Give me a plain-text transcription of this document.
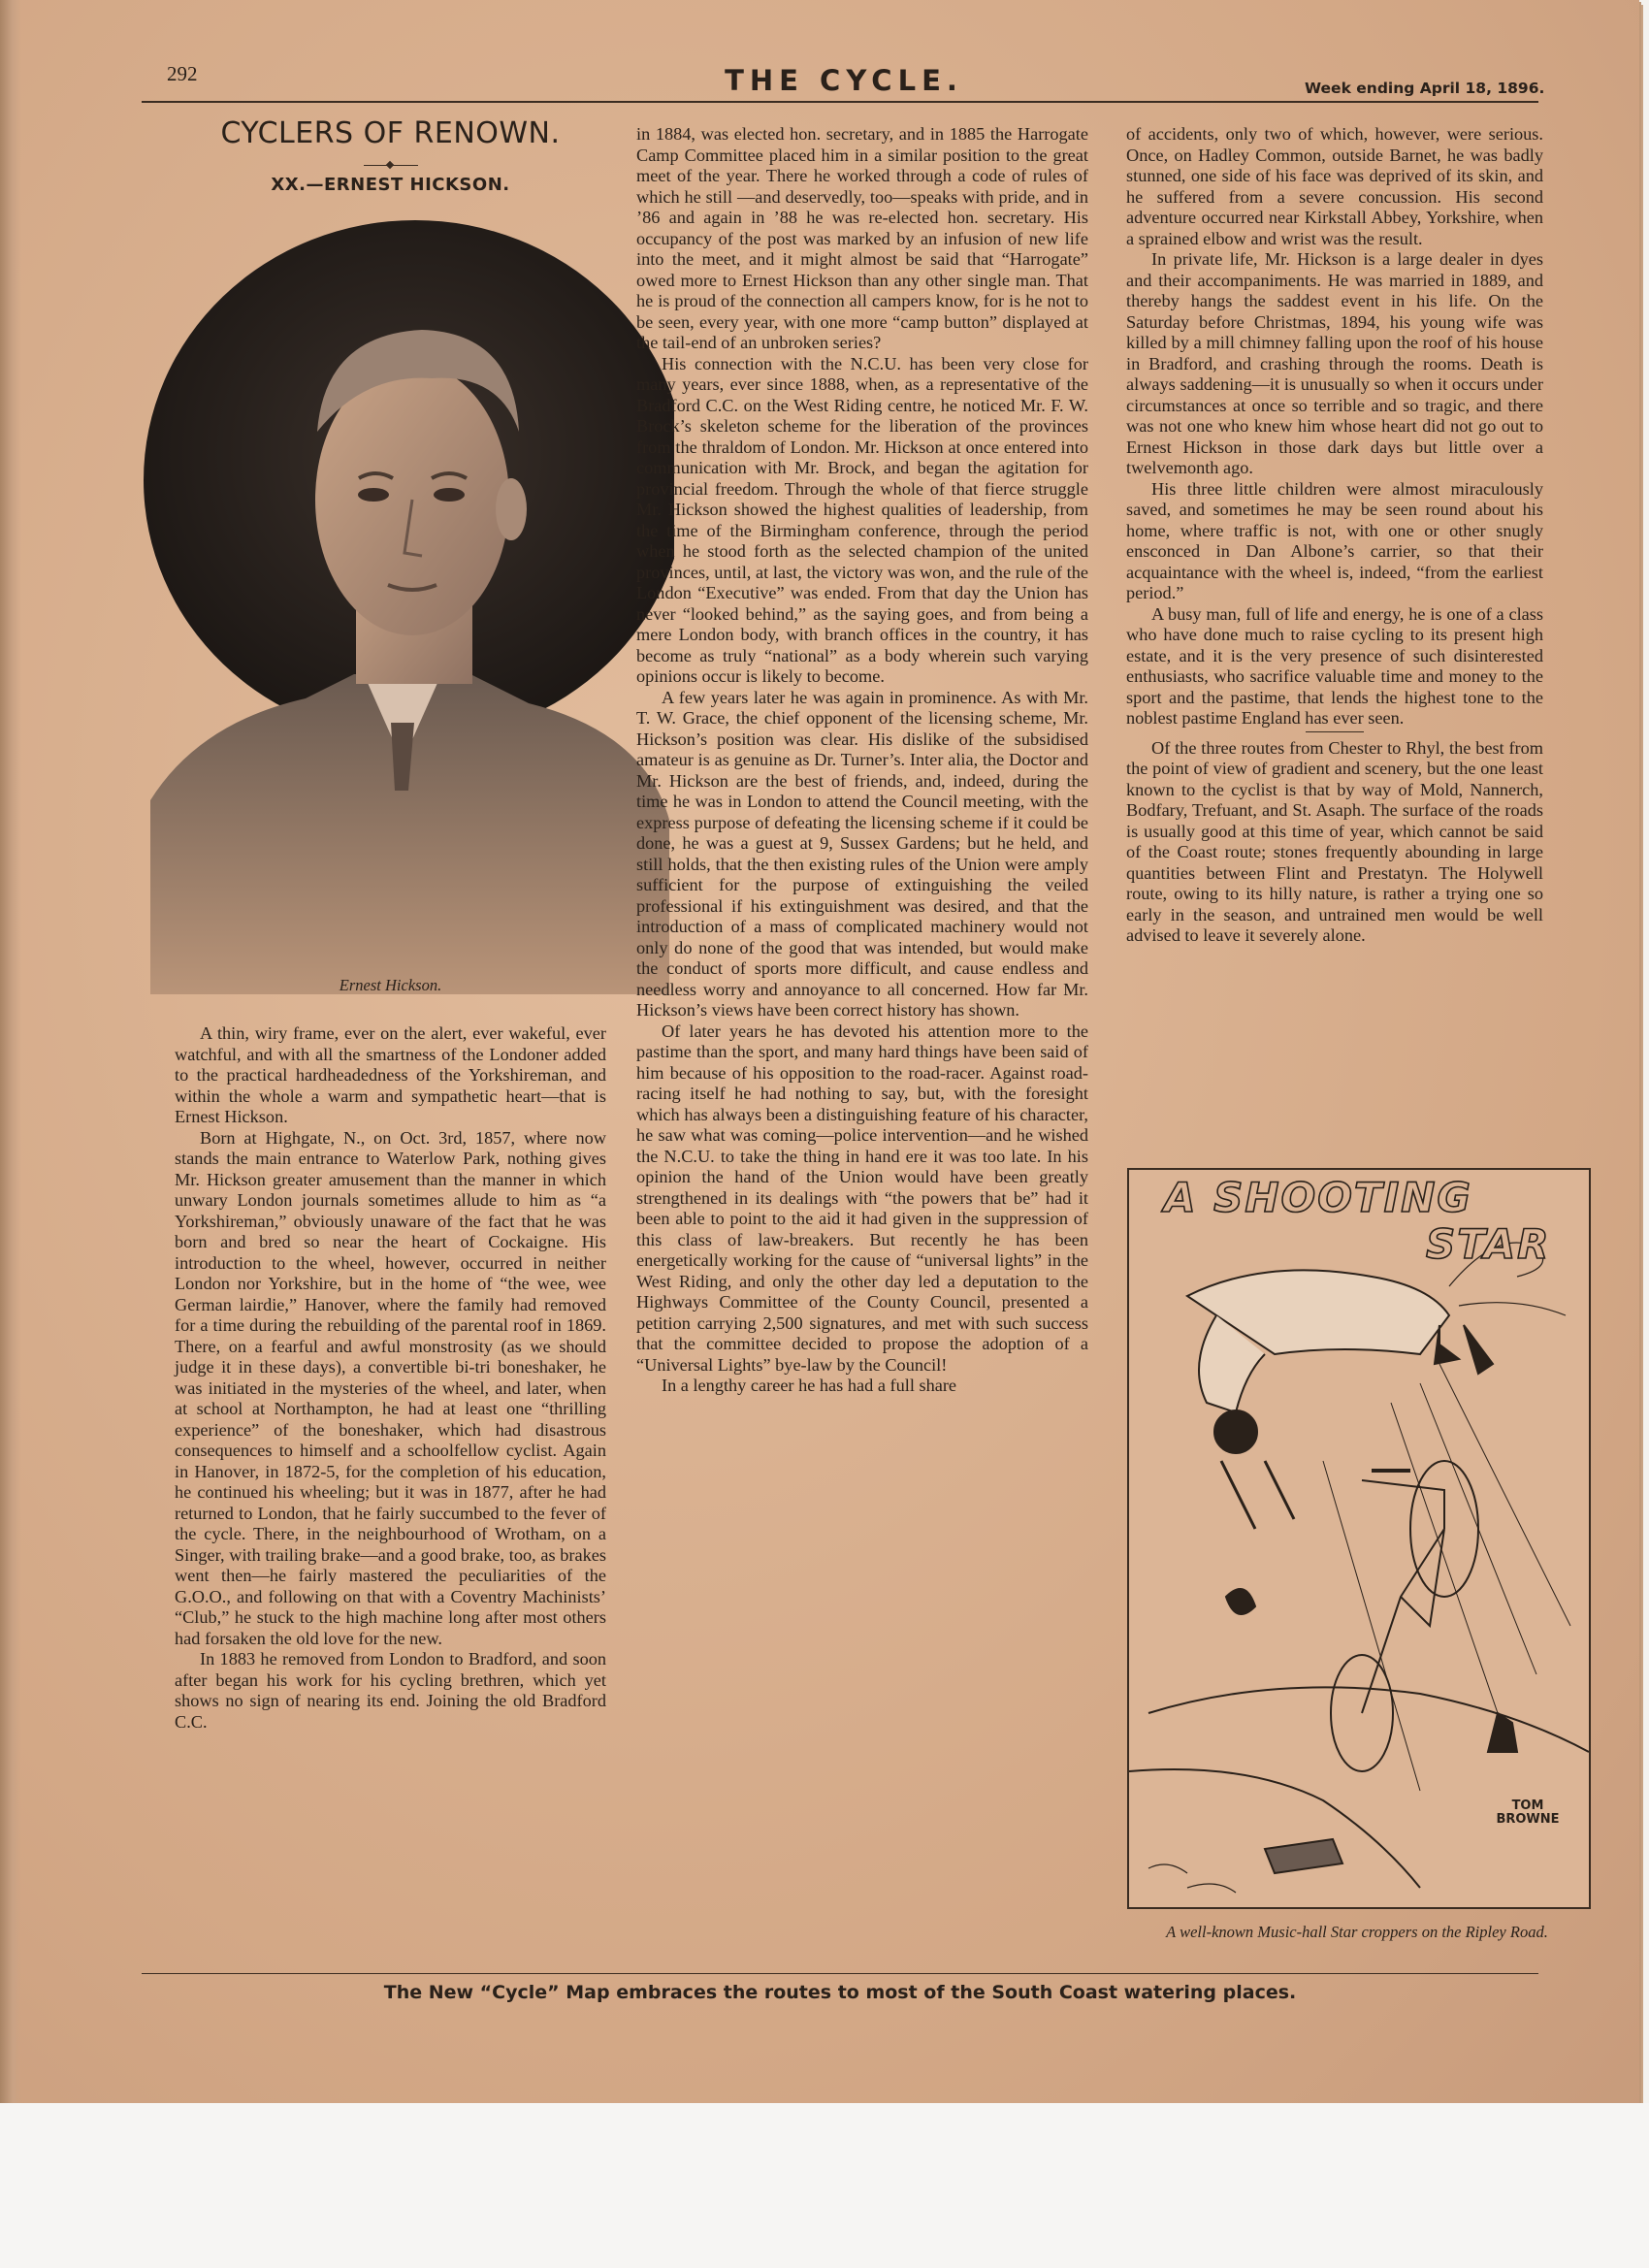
292	THE CYCLE.	Week ending April 18, 1896.
CYCLERS OF RENOWN.
XX.—ERNEST HICKSON.
Ernest Hickson.

A thin, wiry frame, ever on the alert, ever wakeful, ever watchful, and with all the smartness of the Londoner added to the practical hardheadedness of the Yorkshireman, and within the whole a warm and sympathetic heart—that is Ernest Hickson.

Born at Highgate, N., on Oct. 3rd, 1857, where now stands the main entrance to Waterlow Park, nothing gives Mr. Hickson greater amusement than the manner in which unwary London journals sometimes allude to him as “a Yorkshireman,” obviously unaware of the fact that he was born and bred so near the heart of Cockaigne. His introduction to the wheel, however, occurred in neither London nor Yorkshire, but in the home of “the wee, wee German lairdie,” Hanover, where the family had removed for a time during the rebuilding of the parental roof in 1869. There, on a fearful and awful monstrosity (as we should judge it in these days), a convertible bi-tri boneshaker, he was initiated in the mysteries of the wheel, and later, when at school at Northampton, he had at least one “thrilling experience” of the boneshaker, which had disastrous consequences to himself and a schoolfellow cyclist. Again in Hanover, in 1872-5, for the completion of his education, he continued his wheeling; but it was in 1877, after he had returned to London, that he fairly succumbed to the fever of the cycle. There, in the neighbourhood of Wrotham, on a Singer, with trailing brake—and a good brake, too, as brakes went then—he fairly mastered the peculiarities of the G.O.O., and following on that with a Coventry Machinists’ “Club,” he stuck to the high machine long after most others had forsaken the old love for the new.

In 1883 he removed from London to Bradford, and soon after began his work for his cycling brethren, which yet shows no sign of nearing its end. Joining the old Bradford C.C.

in 1884, was elected hon. secretary, and in 1885 the Harrogate Camp Committee placed him in a similar position to the great meet of the year. There he worked through a code of rules of which he still —and deservedly, too—speaks with pride, and in ’86 and again in ’88 he was re-elected hon. secretary. His occupancy of the post was marked by an infusion of new life into the meet, and it might almost be said that “Harrogate” owed more to Ernest Hickson than any other single man. That he is proud of the connection all campers know, for is he not to be seen, every year, with one more “camp button” displayed at the tail-end of an unbroken series?

His connection with the N.C.U. has been very close for many years, ever since 1888, when, as a representative of the Bradford C.C. on the West Riding centre, he noticed Mr. F. W. Brock’s skeleton scheme for the liberation of the provinces from the thraldom of London. Mr. Hickson at once entered into communication with Mr. Brock, and began the agitation for provincial freedom. Through the whole of that fierce struggle Mr. Hickson showed the highest qualities of leadership, from the time of the Birmingham conference, through the period when he stood forth as the selected champion of the united provinces, until, at last, the victory was won, and the rule of the London “Executive” was ended. From that day the Union has never “looked behind,” as the saying goes, and from being a mere London body, with branch offices in the country, it has become as truly “national” as a body wherein such varying opinions occur is likely to become.

A few years later he was again in prominence. As with Mr. T. W. Grace, the chief opponent of the licensing scheme, Mr. Hickson’s position was clear. His dislike of the subsidised amateur is as genuine as Dr. Turner’s. Inter alia, the Doctor and Mr. Hickson are the best of friends, and, indeed, during the time he was in London to attend the Council meeting, with the express purpose of defeating the licensing scheme if it could be done, he was a guest at 9, Sussex Gardens; but he held, and still holds, that the then existing rules of the Union were amply sufficient for the purpose of extinguishing the veiled professional if his extinguishment was desired, and that the introduction of a mass of complicated machinery would not only do none of the good that was intended, but would make the conduct of sports more difficult, and cause endless and needless worry and annoyance to all concerned. How far Mr. Hickson’s views have been correct history has shown.

Of later years he has devoted his attention more to the pastime than the sport, and many hard things have been said of him because of his opposition to the road-racer. Against road-racing itself he had nothing to say, but, with the foresight which has always been a distinguishing feature of his character, he saw what was coming—police intervention—and he wished the N.C.U. to take the thing in hand ere it was too late. In his opinion the hand of the Union would have been greatly strengthened in its dealings with “the powers that be” had it been able to point to the aid it had given in the suppression of this class of law-breakers. But recently he has been energetically working for the cause of “universal lights” in the West Riding, and only the other day led a deputation to the Highways Committee of the County Council, presented a petition carrying 2,500 signatures, and met with such success that the committee decided to propose the adoption of a “Universal Lights” bye-law by the Council!

In a lengthy career he has had a full share

of accidents, only two of which, however, were serious. Once, on Hadley Common, outside Barnet, he was badly stunned, one side of his face was deprived of its skin, and he suffered from a severe concussion. His second adventure occurred near Kirkstall Abbey, Yorkshire, when a sprained elbow and wrist was the result.

In private life, Mr. Hickson is a large dealer in dyes and their accompaniments. He was married in 1889, and thereby hangs the saddest event in his life. On the Saturday before Christmas, 1894, his young wife was killed by a mill chimney falling upon the roof of his house in Bradford, and crashing through the rooms. Death is always saddening—it is unusually so when it occurs under circumstances at once so terrible and so tragic, and there was not one who knew him whose heart did not go out to Ernest Hickson in those dark days but little over a twelvemonth ago.

His three little children were almost miraculously saved, and sometimes he may be seen round about his home, where traffic is not, with one or other snugly ensconced in Dan Albone’s carrier, so that their acquaintance with the wheel is, indeed, “from the earliest period.”

A busy man, full of life and energy, he is one of a class who have done much to raise cycling to its present high estate, and it is the very presence of such disinterested enthusiasts, who sacrifice valuable time and money to the sport and the pastime, that lends the highest tone to the noblest pastime England has ever seen.

Of the three routes from Chester to Rhyl, the best from the point of view of gradient and scenery, but the one least known to the cyclist is that by way of Mold, Nannerch, Bodfary, Trefuant, and St. Asaph. The surface of the roads is usually good at this time of year, which cannot be said of the Coast route; stones frequently abounding in large quantities between Flint and Prestatyn. The Holywell route, owing to its hilly nature, is rather a trying one so early in the season, and untrained men would be well advised to leave it severely alone.

A SHOOTING
STAR
TOM BROWNE
A well-known Music-hall Star croppers on the Ripley Road.
The New “Cycle” Map embraces the routes to most of the South Coast watering places.
